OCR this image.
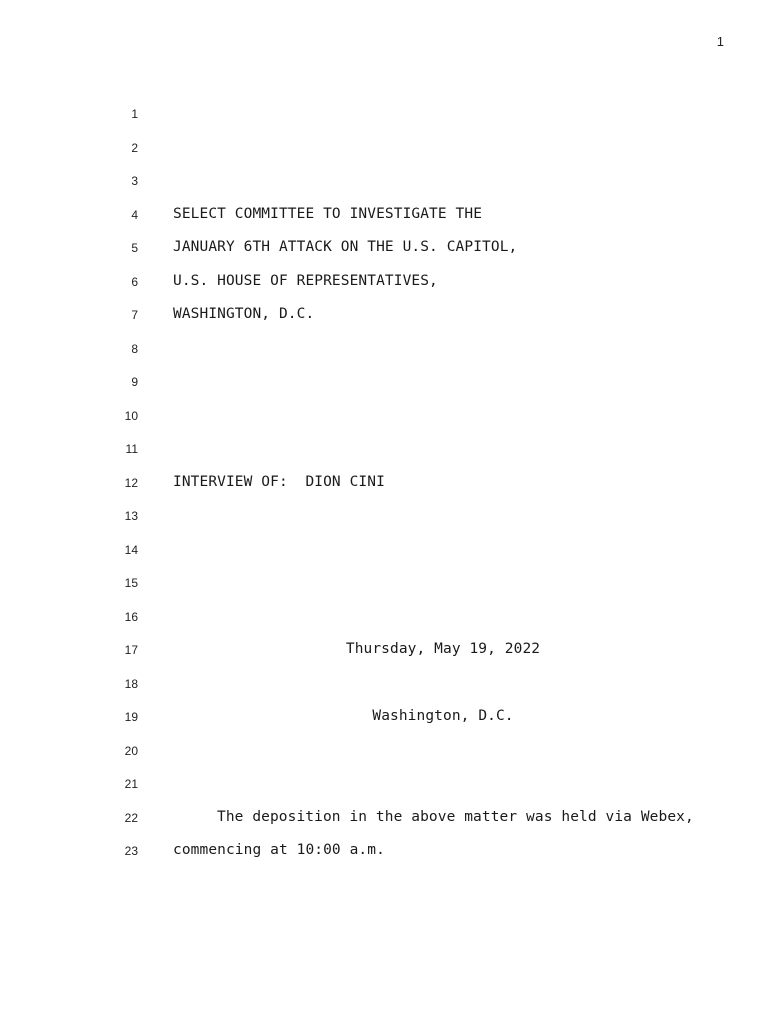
1
1
2
3
4 SELECT COMMITTEE TO INVESTIGATE THE
5 JANUARY 6TH ATTACK ON THE U.S. CAPITOL,
6 U.S. HOUSE OF REPRESENTATIVES,
7 WASHINGTON, D.C.
8
9
10
11
12 INTERVIEW OF:  DION CINI
13
14
15
16
17	Thursday, May 19, 2022
18
19	Washington, D.C.
20
21
22	The deposition in the above matter was held via Webex,
23 commencing at 10:00 a.m.
